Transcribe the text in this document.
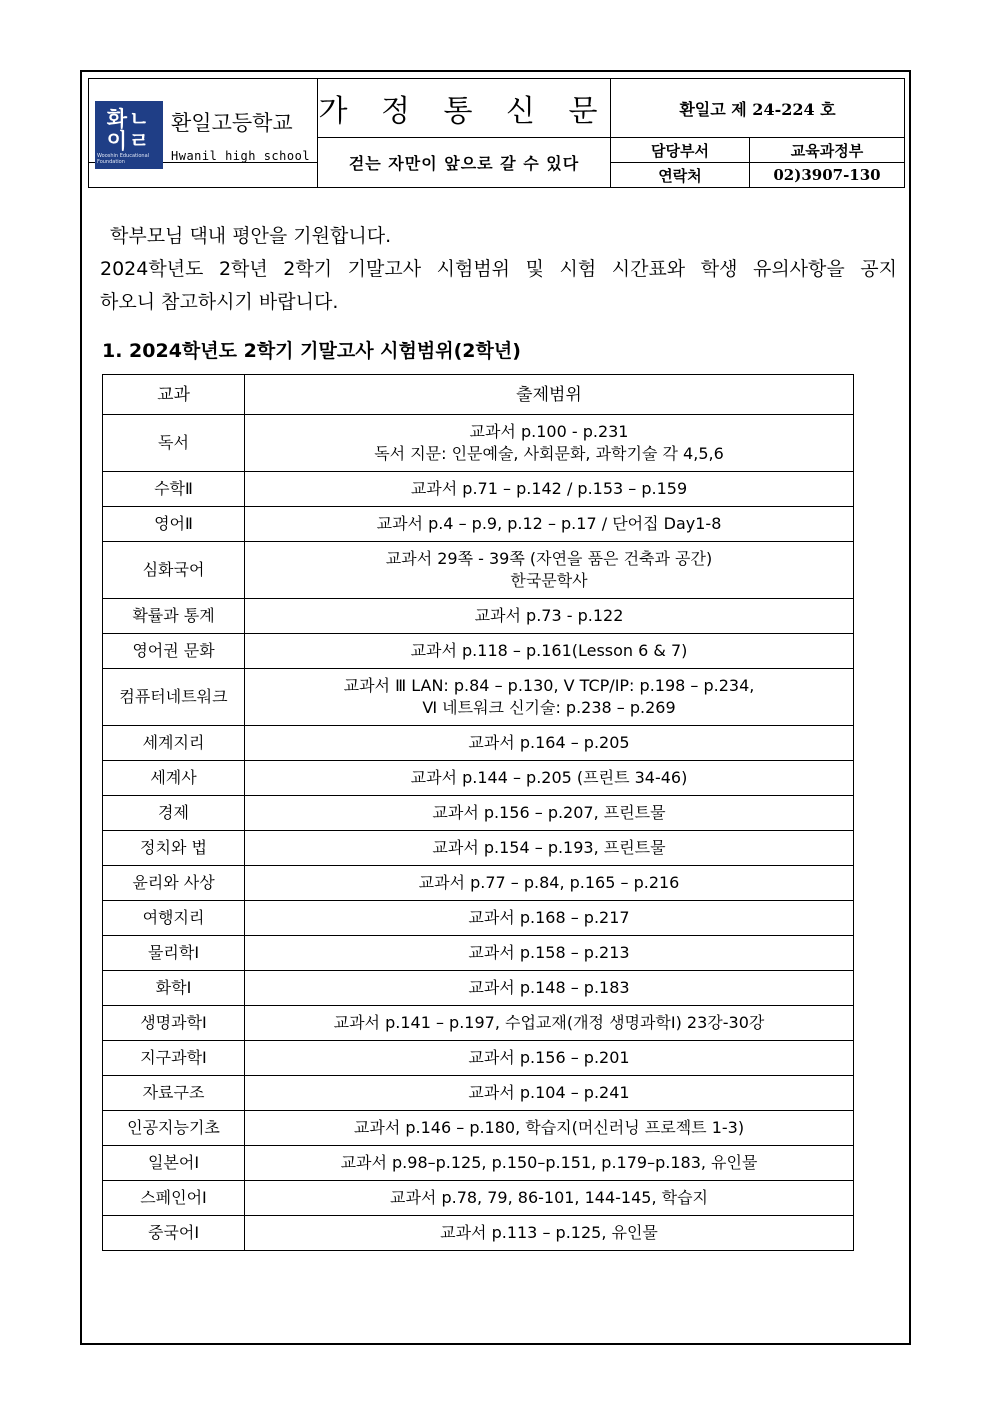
화ㄴ
이ㄹ
Wooshin Educational Foundation
환일고등학교
Hwanil high school	가 정 통 신 문	환일고 제 24-224 호	
	걷는 자만이 앞으로 갈 수 있다	담당부서	교육과정부
		연락처	02)3907-130

학부모님 댁내 평안을 기원합니다.

2024학년도 2학년 2학기 기말고사 시험범위 및 시험 시간표와 학생 유의사항을 공지

하오니 참고하시기 바랍니다.

1. 2024학년도 2학기 기말고사 시험범위(2학년)
교과	출제범위
독서	교과서 p.100 - p.231
독서 지문: 인문예술, 사회문화, 과학기술 각 4,5,6

수학Ⅱ	교과서 p.71 – p.142 / p.153 – p.159

영어Ⅱ	교과서 p.4 – p.9, p.12 – p.17 / 단어집 Day1-8

심화국어	교과서 29쪽 - 39쪽 (자연을 품은 건축과 공간)
한국문학사

확률과 통계	교과서 p.73 - p.122

영어권 문화	교과서 p.118 – p.161(Lesson 6 & 7)

컴퓨터네트워크	교과서 Ⅲ LAN: p.84 – p.130, Ⅴ TCP/IP: p.198 – p.234,
Ⅵ 네트워크 신기술: p.238 – p.269

세계지리	교과서 p.164 – p.205

세계사	교과서 p.144 – p.205 (프린트 34-46)

경제	교과서 p.156 – p.207, 프린트물

정치와 법	교과서 p.154 – p.193, 프린트물

윤리와 사상	교과서 p.77 – p.84, p.165 – p.216

여행지리	교과서 p.168 – p.217

물리학Ⅰ	교과서 p.158 – p.213

화학Ⅰ	교과서 p.148 – p.183

생명과학Ⅰ	교과서 p.141 – p.197, 수업교재(개정 생명과학Ⅰ) 23강-30강

지구과학Ⅰ	교과서 p.156 – p.201

자료구조	교과서 p.104 – p.241

인공지능기초	교과서 p.146 – p.180, 학습지(머신러닝 프로젝트 1-3)

일본어Ⅰ	교과서 p.98–p.125, p.150–p.151, p.179–p.183, 유인물

스페인어Ⅰ	교과서 p.78, 79, 86-101, 144-145, 학습지

중국어Ⅰ	교과서 p.113 – p.125, 유인물
